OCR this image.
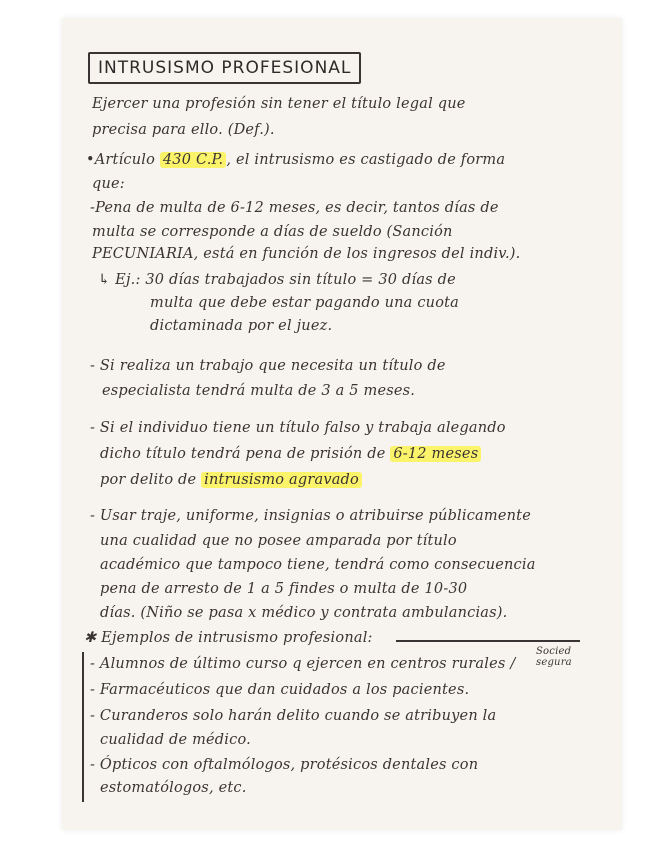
INTRUSISMO PROFESIONAL
Ejercer una profesión sin tener el título legal que
precisa para ello. (Def.).
•Artículo 430 C.P. , el intrusismo es castigado de forma
que:
-Pena de multa de 6-12 meses, es decir, tantos días de
multa se corresponde a días de sueldo (Sanción
PECUNIARIA, está en función de los ingresos del indiv.).
↳ Ej.: 30 días trabajados sin título = 30 días de
multa que debe estar pagando una cuota
dictaminada por el juez.
- Si realiza un trabajo que necesita un título de
especialista tendrá multa de 3 a 5 meses.
- Si el individuo tiene un título falso y trabaja alegando
dicho título tendrá pena de prisión de 6-12 meses
por delito de intrusismo agravado
- Usar traje, uniforme, insignias o atribuirse públicamente
una cualidad que no posee amparada por título
académico que tampoco tiene, tendrá como consecuencia
pena de arresto de 1 a 5 findes o multa de 10-30
días. (Niño se pasa x médico y contrata ambulancias).
✱ Ejemplos de intrusismo profesional:
- Alumnos de último curso q ejercen en centros rurales /
Socied
segura
- Farmacéuticos que dan cuidados a los pacientes.
- Curanderos solo harán delito cuando se atribuyen la
cualidad de médico.
- Ópticos con oftalmólogos, protésicos dentales con
estomatólogos, etc.
